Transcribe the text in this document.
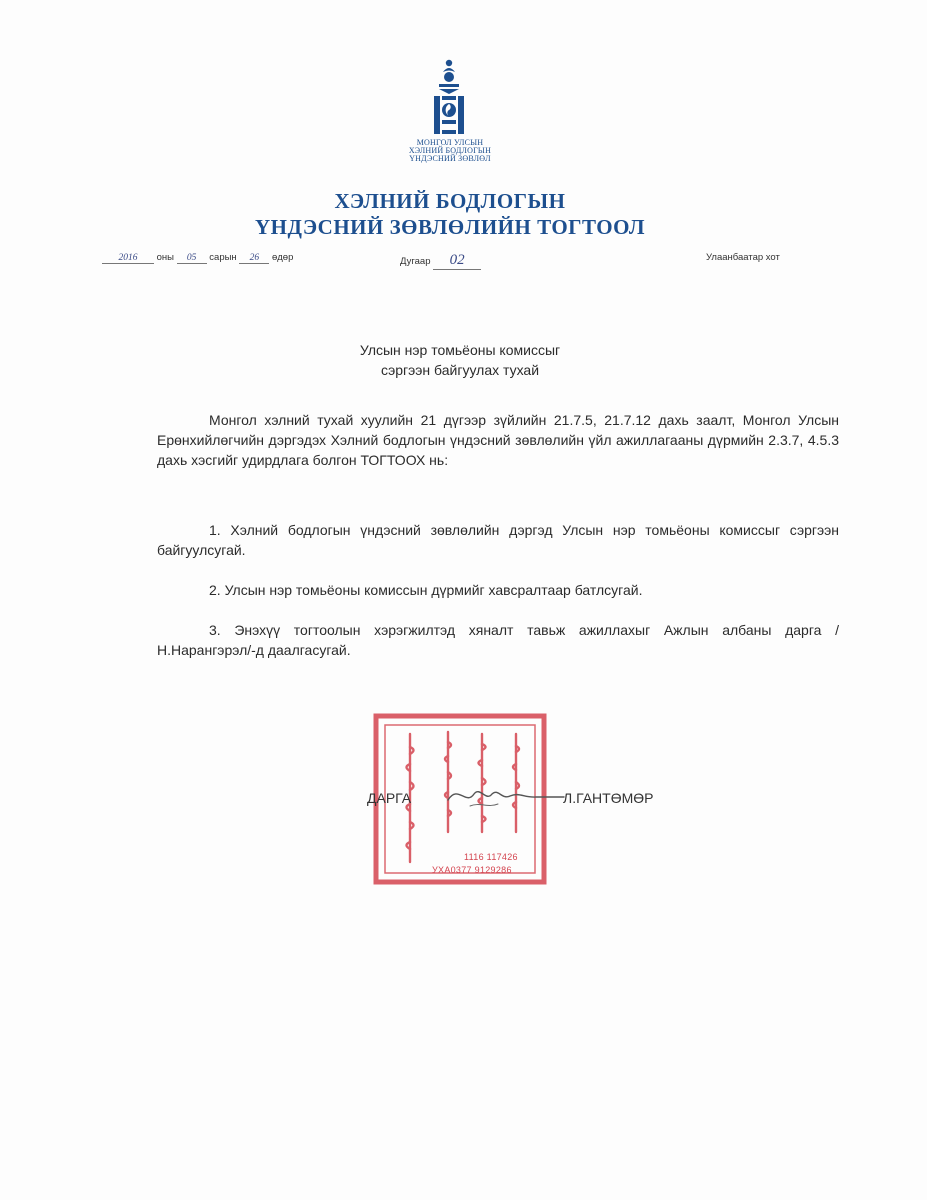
МОНГОЛ УЛСЫН
ХЭЛНИЙ БОДЛОГЫН
ҮНДЭСНИЙ ЗӨВЛӨЛ
ХЭЛНИЙ БОДЛОГЫН
ҮНДЭСНИЙ ЗӨВЛӨЛИЙН ТОГТООЛ
2016 оны 05 сарын 26 өдөр	Дугаар 02	Улаанбаатар хот
Улсын нэр томьёоны комиссыг
сэргээн байгуулах тухай
Монгол хэлний тухай хуулийн 21 дүгээр зүйлийн 21.7.5, 21.7.12 дахь заалт, Монгол Улсын Ерөнхийлөгчийн дэргэдэх Хэлний бодлогын үндэсний зөвлөлийн үйл ажиллагааны дүрмийн 2.3.7, 4.5.3 дахь хэсгийг удирдлага болгон ТОГТООХ нь:
1. Хэлний бодлогын үндэсний зөвлөлийн дэргэд Улсын нэр томьёоны комиссыг сэргээн байгуулсугай.
2. Улсын нэр томьёоны комиссын дүрмийг хавсралтаар батлсугай.
3. Энэхүү тогтоолын хэрэгжилтэд хяналт тавьж ажиллахыг Ажлын албаны дарга /Н.Нарангэрэл/-д даалгасугай.
1116 117426
УХА0377 9129286
ДАРГА	Л.ГАНТӨМӨР
